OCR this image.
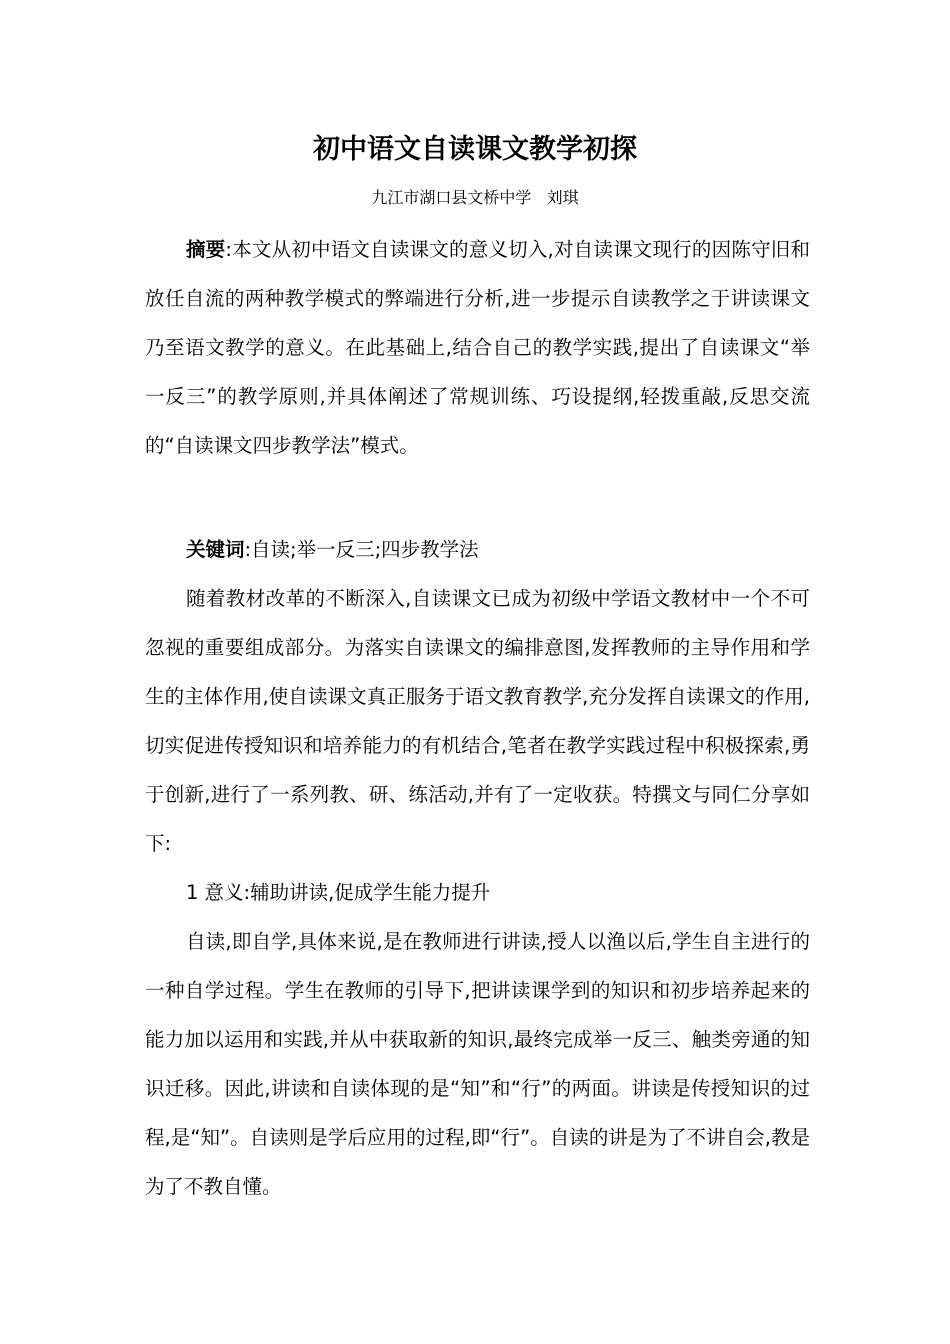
初中语文自读课文教学初探

九江市湖口县文桥中学   刘琪

摘要:本文从初中语文自读课文的意义切入,对自读课文现行的因陈守旧和放任自流的两种教学模式的弊端进行分析,进一步提示自读教学之于讲读课文乃至语文教学的意义。在此基础上,结合自己的教学实践,提出了自读课文“举一反三”的教学原则,并具体阐述了常规训练、巧设提纲,轻拨重敲,反思交流的“自读课文四步教学法”模式。

关键词:自读;举一反三;四步教学法

随着教材改革的不断深入,自读课文已成为初级中学语文教材中一个不可忽视的重要组成部分。为落实自读课文的编排意图,发挥教师的主导作用和学生的主体作用,使自读课文真正服务于语文教育教学,充分发挥自读课文的作用,切实促进传授知识和培养能力的有机结合,笔者在教学实践过程中积极探索,勇于创新,进行了一系列教、研、练活动,并有了一定收获。特撰文与同仁分享如下:

1 意义:辅助讲读,促成学生能力提升

自读,即自学,具体来说,是在教师进行讲读,授人以渔以后,学生自主进行的一种自学过程。学生在教师的引导下,把讲读课学到的知识和初步培养起来的能力加以运用和实践,并从中获取新的知识,最终完成举一反三、触类旁通的知识迁移。因此,讲读和自读体现的是“知”和“行”的两面。讲读是传授知识的过程,是“知”。自读则是学后应用的过程,即“行”。自读的讲是为了不讲自会,教是为了不教自懂。
